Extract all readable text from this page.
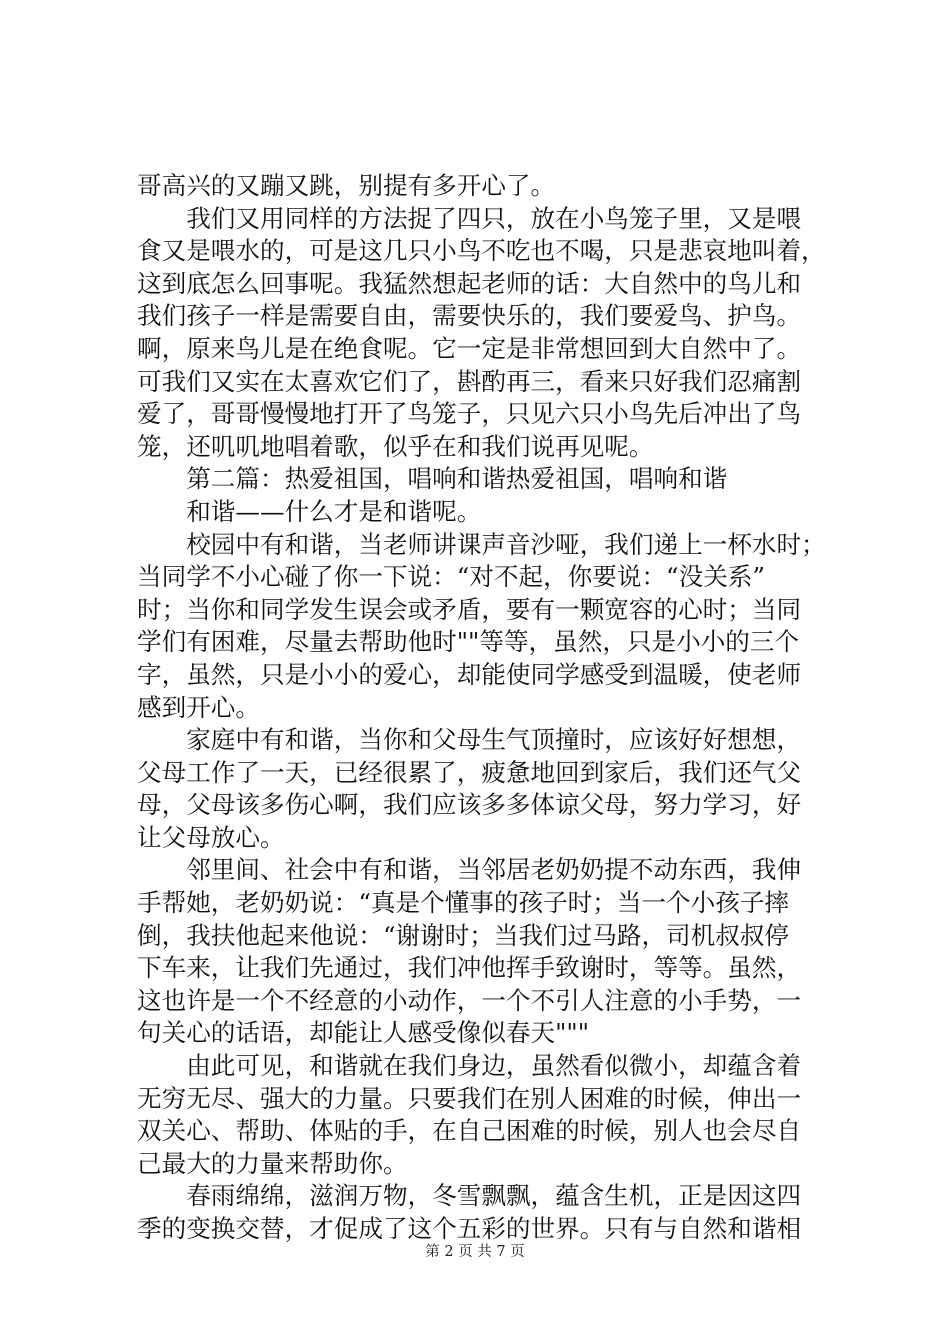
哥高兴的又蹦又跳，别提有多开心了。
　　我们又用同样的方法捉了四只，放在小鸟笼子里，又是喂
食又是喂水的，可是这几只小鸟不吃也不喝，只是悲哀地叫着，
这到底怎么回事呢。我猛然想起老师的话：大自然中的鸟儿和
我们孩子一样是需要自由，需要快乐的，我们要爱鸟、护鸟。
啊，原来鸟儿是在绝食呢。它一定是非常想回到大自然中了。
可我们又实在太喜欢它们了，斟酌再三，看来只好我们忍痛割
爱了，哥哥慢慢地打开了鸟笼子，只见六只小鸟先后冲出了鸟
笼，还叽叽地唱着歌，似乎在和我们说再见呢。
　　第二篇：热爱祖国，唱响和谐热爱祖国，唱响和谐
　　和谐——什么才是和谐呢。
　　校园中有和谐，当老师讲课声音沙哑，我们递上一杯水时；
当同学不小心碰了你一下说：“对不起，你要说：“没关系”
时；当你和同学发生误会或矛盾，要有一颗宽容的心时；当同
学们有困难，尽量去帮助他时""等等，虽然，只是小小的三个
字，虽然，只是小小的爱心，却能使同学感受到温暖，使老师
感到开心。
　　家庭中有和谐，当你和父母生气顶撞时，应该好好想想，
父母工作了一天，已经很累了，疲惫地回到家后，我们还气父
母，父母该多伤心啊，我们应该多多体谅父母，努力学习，好
让父母放心。
　　邻里间、社会中有和谐，当邻居老奶奶提不动东西，我伸
手帮她，老奶奶说：“真是个懂事的孩子时；当一个小孩子摔
倒，我扶他起来他说：“谢谢时；当我们过马路，司机叔叔停
下车来，让我们先通过，我们冲他挥手致谢时，等等。虽然，
这也许是一个不经意的小动作，一个不引人注意的小手势，一
句关心的话语，却能让人感受像似春天"""
　　由此可见，和谐就在我们身边，虽然看似微小，却蕴含着
无穷无尽、强大的力量。只要我们在别人困难的时候，伸出一
双关心、帮助、体贴的手，在自己困难的时候，别人也会尽自
己最大的力量来帮助你。
　　春雨绵绵，滋润万物，冬雪飘飘，蕴含生机，正是因这四
季的变换交替，才促成了这个五彩的世界。只有与自然和谐相
第 2 页 共 7 页
